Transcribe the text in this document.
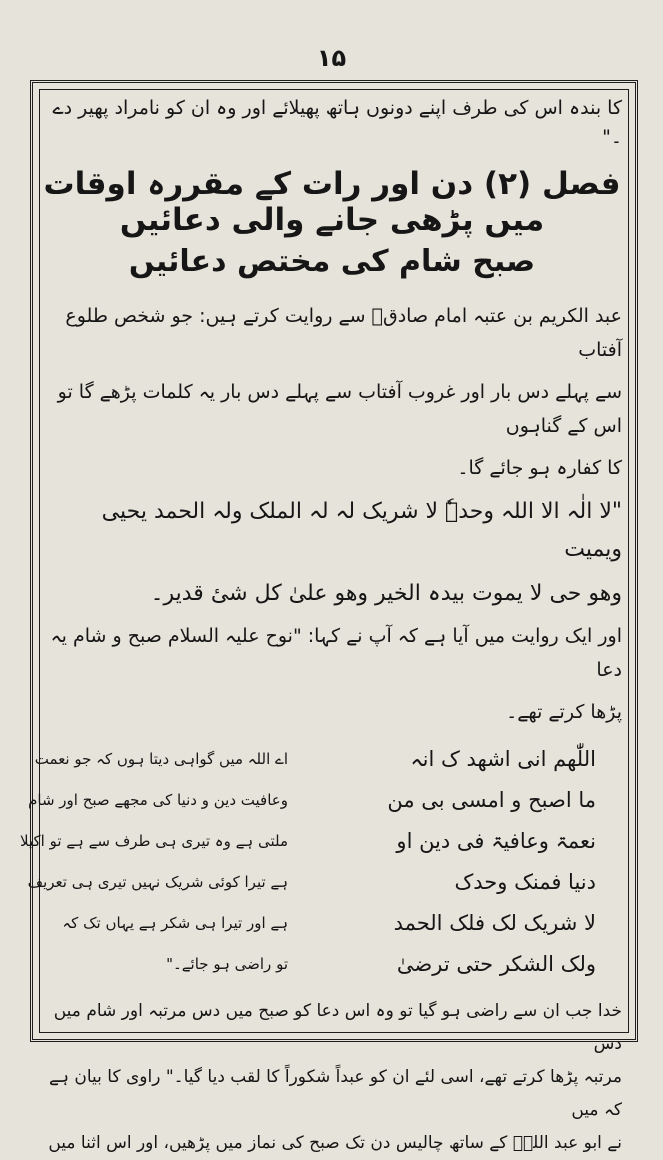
۱۵

کا بندہ اس کی طرف اپنے دونوں ہاتھ پھیلائے اور وہ ان کو نامراد پھیر دے ۔"

فصل (۲) دن اور رات کے مقررہ اوقات میں پڑھی جانے والی دعائیں
صبح شام کی مختص دعائیں

عبد الکریم بن عتبہ امام صادقؑ سے روایت کرتے ہیں: جو شخص طلوع آفتاب

سے پہلے دس بار اور غروب آفتاب سے پہلے دس بار یہ کلمات پڑھے گا تو اس کے گناہوں

کا کفارہ ہو جائے گا۔

"لا الٰہ الا اللہ وحدہٗ لا شریک لہ لہ الملک ولہ الحمد یحیی ویمیت

وھو حی لا یموت بیدہ الخیر وھو علیٰ کل شیٔ قدیر۔

اور ایک روایت میں آیا ہے کہ آپ نے کہا: "نوح علیہ السلام صبح و شام یہ دعا

پڑھا کرتے تھے۔

اللّٰھم انی اشھد ک انہ

ما اصبح و امسی بی من

نعمۃ وعافیۃ فی دین او

دنیا فمنک وحدک

لا شریک لک فلک الحمد

ولک الشکر حتی ترضیٰ

اے اللہ میں گواہی دیتا ہوں کہ جو نعمت

وعافیت دین و دنیا کی مجھے صبح اور شام

ملتی ہے وہ تیری ہی طرف سے ہے تو اکیلا

ہے تیرا کوئی شریک نہیں تیری ہی تعریف

ہے اور تیرا ہی شکر ہے یہاں تک کہ

تو راضی ہو جائے۔"

خدا جب ان سے راضی ہو گیا تو وہ اس دعا کو صبح میں دس مرتبہ اور شام میں دس

مرتبہ پڑھا کرتے تھے، اسی لئے ان کو عبداً شکوراً کا لقب دیا گیا۔" راوی کا بیان ہے کہ میں

نے ابو عبد اللہؑ کے ساتھ چالیس دن تک صبح کی نماز میں پڑھیں، اور اس اثنا میں
